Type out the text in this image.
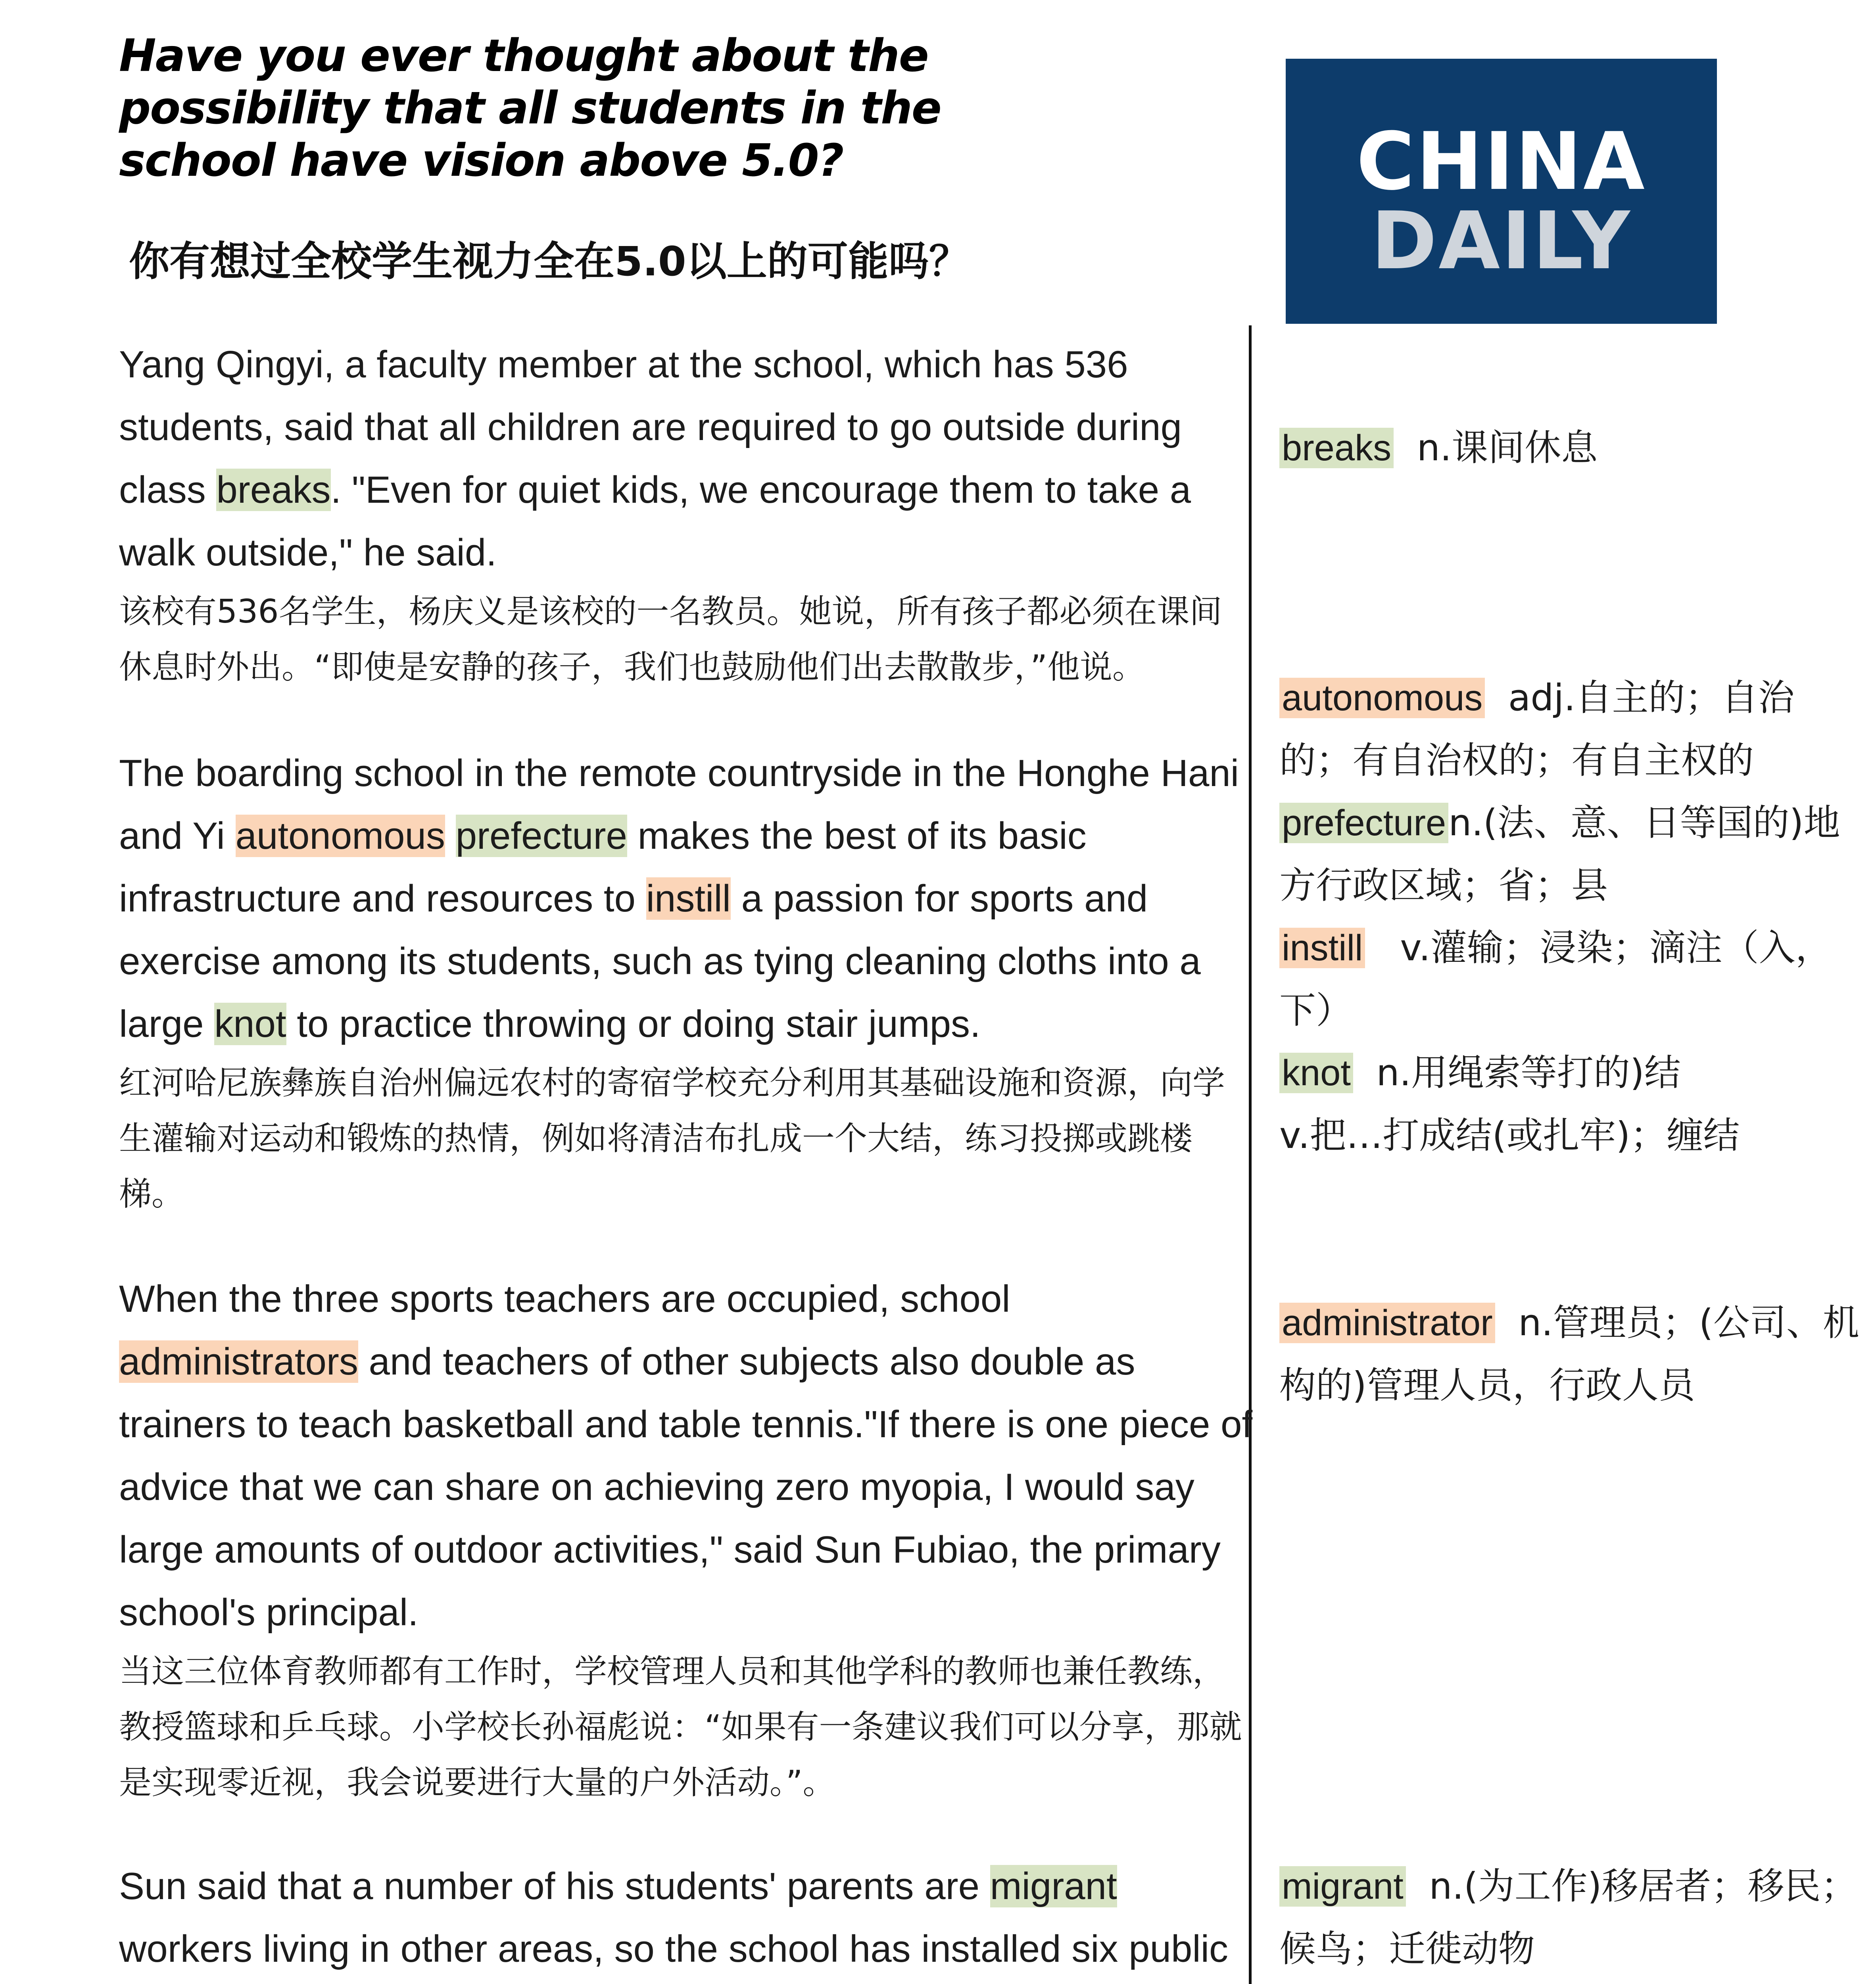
Have you ever thought about the possibility that all students in the school have vision above 5.0?
你有想过全校学生视力全在5.0以上的可能吗？
CHINA
DAILY
Yang Qingyi, a faculty member at the school, which has 536 students, said that all children are required to go outside during class breaks. "Even for quiet kids, we encourage them to take a walk outside," he said.
该校有536名学生，杨庆义是该校的一名教员。她说，所有孩子都必须在课间休息时外出。“即使是安静的孩子，我们也鼓励他们出去散散步，”他说。
The boarding school in the remote countryside in the Honghe Hani and Yi autonomous prefecture makes the best of its basic infrastructure and resources to instill a passion for sports and exercise among its students, such as tying cleaning cloths into a large knot to practice throwing or doing stair jumps.
红河哈尼族彝族自治州偏远农村的寄宿学校充分利用其基础设施和资源，向学生灌输对运动和锻炼的热情，例如将清洁布扎成一个大结，练习投掷或跳楼梯。
When the three sports teachers are occupied, school administrators and teachers of other subjects also double as trainers to teach basketball and table tennis."If there is one piece of advice that we can share on achieving zero myopia, I would say large amounts of outdoor activities," said Sun Fubiao, the primary school's principal.
当这三位体育教师都有工作时，学校管理人员和其他学科的教师也兼任教练，教授篮球和乒乓球。小学校长孙福彪说：“如果有一条建议我们可以分享，那就是实现零近视，我会说要进行大量的户外活动。”。
Sun said that a number of his students' parents are migrant workers living in other areas, so the school has installed six public
breaks n.课间休息
autonomous adj.自主的；自治的；有自治权的；有自主权的
prefecturen.(法、意、日等国的)地方行政区域；省；县
instill v.灌输；浸染；滴注（入，下）
knot n.用绳索等打的)结
v.把…打成结(或扎牢)；缠结
administrator n.管理员；(公司、机构的)管理人员，行政人员
migrant n.(为工作)移居者；移民；候鸟；迁徙动物
